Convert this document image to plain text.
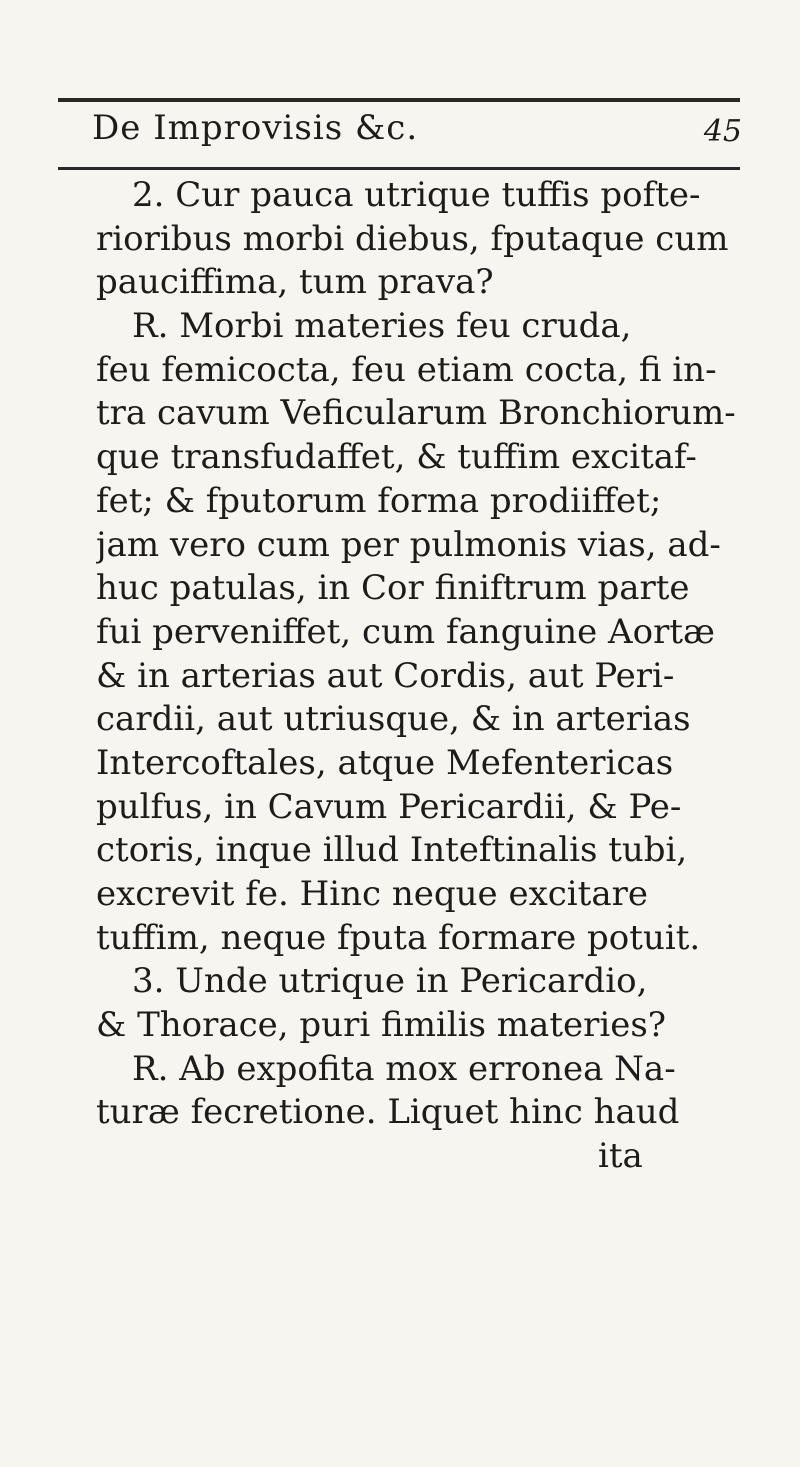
De Improvisis &c.	45
2. Cur pauca utrique tuffis pofte-
rioribus morbi diebus, fputaque cum
pauciffima, tum prava?
R. Morbi materies feu cruda,
feu femicocta, feu etiam cocta, fi in-
tra cavum Veficularum Bronchiorum-
que transfudaffet, & tuffim excitaf-
fet; & fputorum forma prodiiffet;
jam vero cum per pulmonis vias, ad-
huc patulas, in Cor finiftrum parte
fui perveniffet, cum fanguine Aortæ
& in arterias aut Cordis, aut Peri-
cardii, aut utriusque, & in arterias
Intercoftales, atque Mefentericas
pulfus, in Cavum Pericardii, & Pe-
ctoris, inque illud Inteftinalis tubi,
excrevit fe. Hinc neque excitare
tuffim, neque fputa formare potuit.
3. Unde utrique in Pericardio,
& Thorace, puri fimilis materies?
R. Ab expofita mox erronea Na-
turæ fecretione. Liquet hinc haud
ita
